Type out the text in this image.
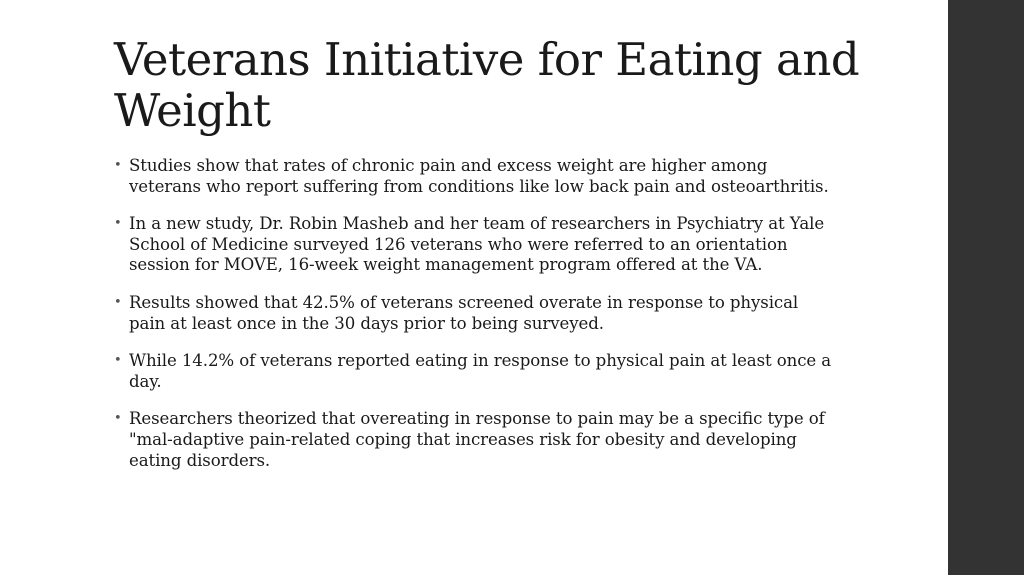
Veterans Initiative for Eating and Weight
• Studies show that rates of chronic pain and excess weight are higher among veterans who report suffering from conditions like low back pain and osteoarthritis.
• In a new study, Dr. Robin Masheb and her team of researchers in Psychiatry at Yale School of Medicine surveyed 126 veterans who were referred to an orientation session for MOVE, 16-week weight management program offered at the VA.
• Results showed that 42.5% of veterans screened overate in response to physical pain at least once in the 30 days prior to being surveyed.
• While 14.2% of veterans reported eating in response to physical pain at least once a day.
• Researchers theorized that overeating in response to pain may be a speciﬁc type of "mal-adaptive pain-related coping that increases risk for obesity and developing eating disorders.
